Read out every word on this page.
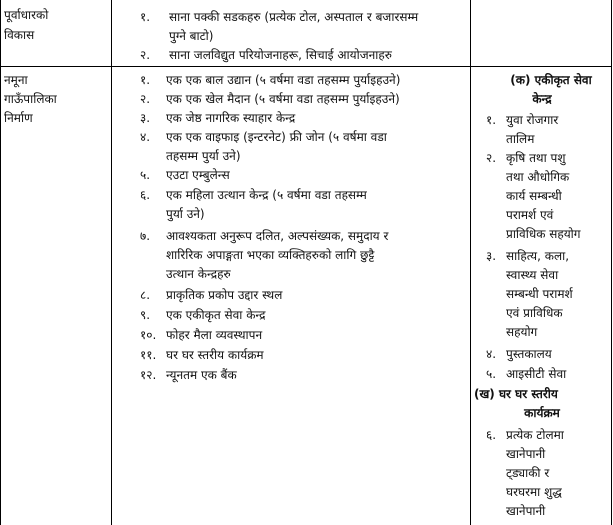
पूर्वाधारको
विकास
१. साना पक्की सडकहरु (प्रत्येक टोल, अस्पताल र बजारसम्म
पुग्ने बाटो)
२. साना जलविद्युत परियोजनाहरू, सिचाई आयोजनाहरु
नमूना
गाऊँपालिका
निर्माण
१. एक एक बाल उद्यान (५ वर्षमा वडा तहसम्म पुर्याइहउने)
२. एक एक खेल मैदान (५ वर्षमा वडा तहसम्म पुर्याइहउने)
३. एक जेष्ठ नागरिक स्याहार केन्द्र
४. एक एक वाइफाइ (इन्टरनेट) फ्री जोन (५ वर्षमा वडा
तहसम्म पुर्या उने)
५. एउटा एम्बुलेन्स
६. एक महिला उत्थान केन्द्र (५ वर्षमा वडा तहसम्म
पुर्या उने)
७. आवश्यकता अनुरूप दलित, अल्पसंख्यक, समुदाय र
शारिरिक अपाङ्गता भएका व्यक्तिहरुको लागि छुट्टै
उत्थान केन्द्रहरु
८. प्राकृतिक प्रकोप उद्दार स्थल
९. एक एकीकृत सेवा केन्द्र
१०. फोहर मैला व्यवस्थापन
११. घर घर स्तरीय कार्यक्रम
१२. न्यूनतम एक बैंक
(क) एकीकृत सेवा
केन्द्र
१. युवा रोजगार
तालिम
२. कृषि तथा पशु
तथा औधोगिक
कार्य सम्बन्धी
परामर्श एवं
प्राविधिक सहयोग
३. साहित्य, कला,
स्वास्थ्य सेवा
सम्बन्धी परामर्श
एवं प्राविधिक
सहयोग
४. पुस्तकालय
५. आइसीटी सेवा
(ख) घर घर स्तरीय
कार्यक्रम
६. प्रत्येक टोलमा
खानेपानी
ट्ड्याकी र
घरघरमा शुद्ध
खानेपानी
